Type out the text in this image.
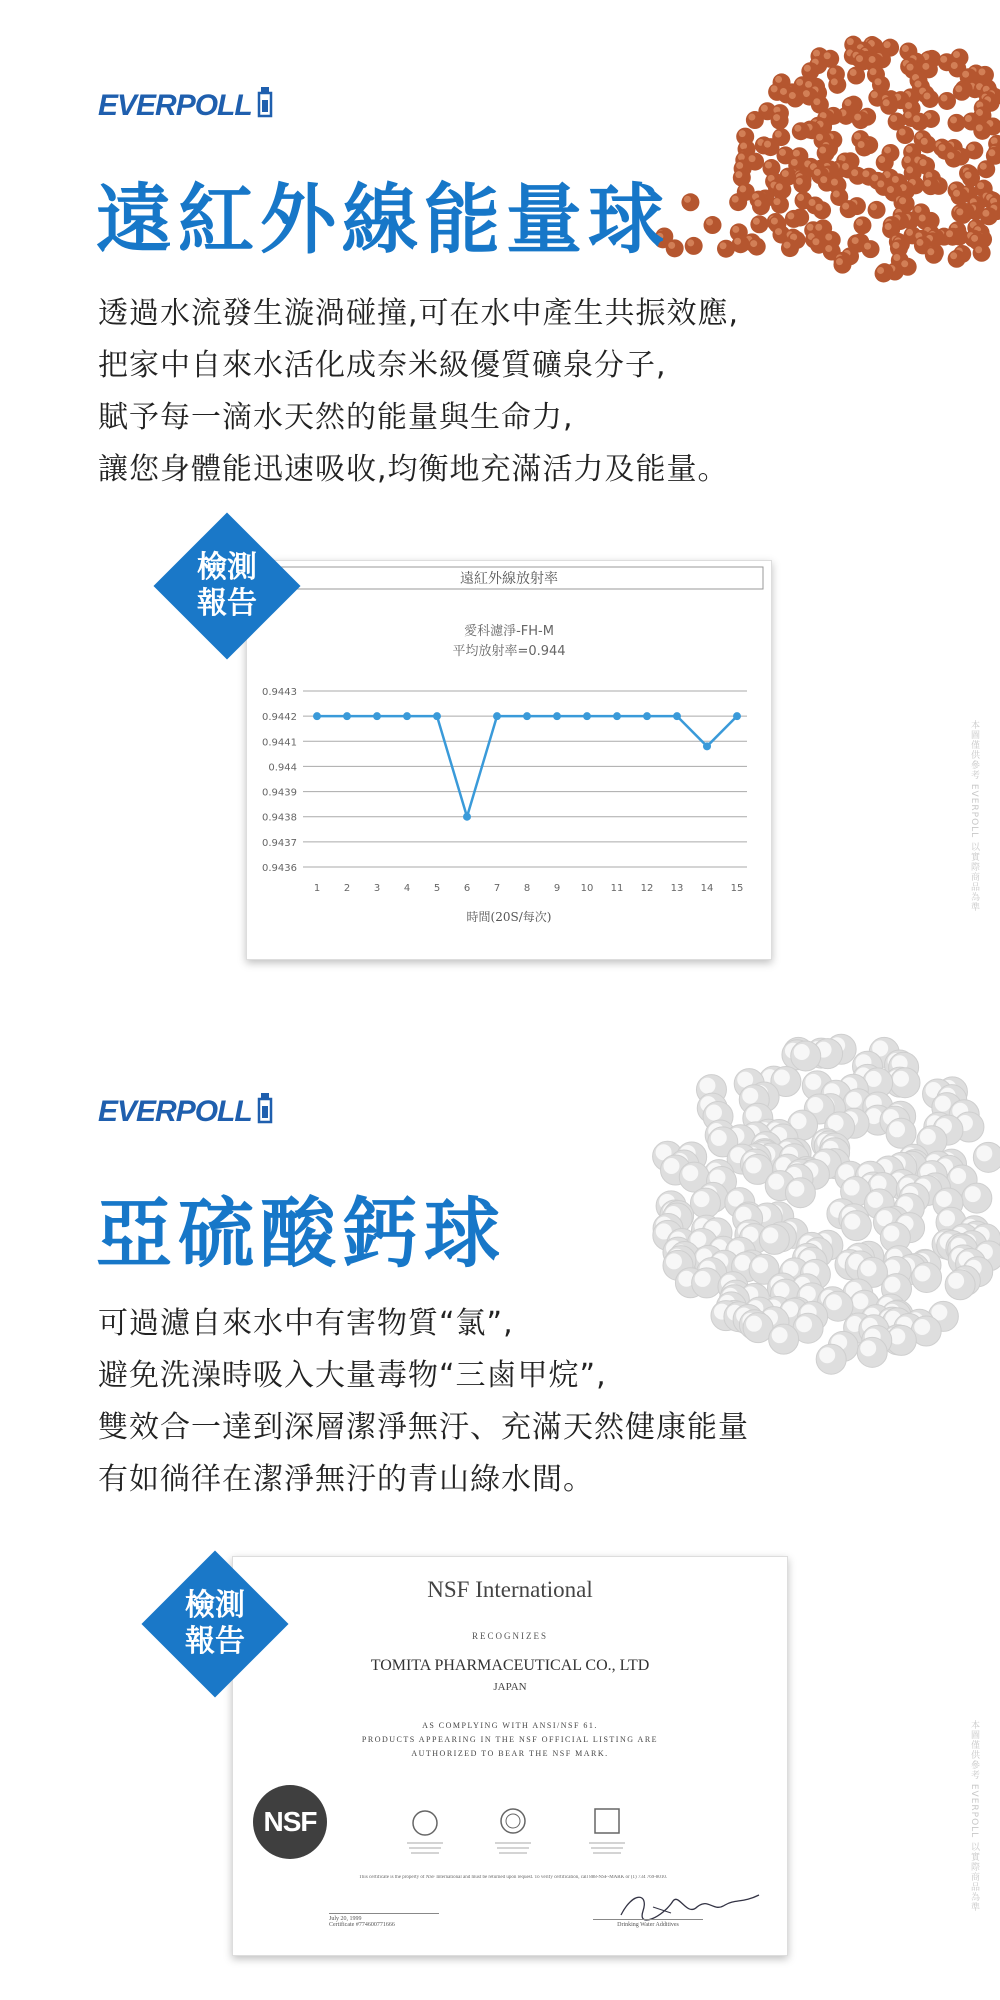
EVERPOLL
遠紅外線能量球
透過水流發生漩渦碰撞,可在水中產生共振效應,
把家中自來水活化成奈米級優質礦泉分子,
賦予每一滴水天然的能量與生命力,
讓您身體能迅速吸收,均衡地充滿活力及能量。
遠紅外線放射率
愛科濾淨-FH-M
平均放射率=0.944
0.9443
0.9442
0.9441
0.944
0.9439
0.9438
0.9437
0.9436
1 2 3 4 5 6 7 8 9 10 11 12 13 14 15
時間(20S/每次)
檢測
報告
本圖僅供參考 EVERPOLL 以實際商品為準
EVERPOLL
亞硫酸鈣球
可過濾自來水中有害物質“氯”,
避免洗澡時吸入大量毒物“三鹵甲烷”,
雙效合一達到深層潔淨無汙、充滿天然健康能量
有如徜徉在潔淨無汙的青山綠水間。
NSF International
RECOGNIZES
TOMITA PHARMACEUTICAL CO., LTD
JAPAN
AS COMPLYING WITH ANSI/NSF 61.
PRODUCTS APPEARING IN THE NSF OFFICIAL LISTING ARE
AUTHORIZED TO BEAR THE NSF MARK.
NSF
This certificate is the property of NSF International and must be returned upon request. To verify certification, call 888-NSF-MARK or (1) 734 769-8010.
July 20, 1999
Certificate #774600771666	Drinking Water Additives
檢測
報告
本圖僅供參考 EVERPOLL 以實際商品為準
